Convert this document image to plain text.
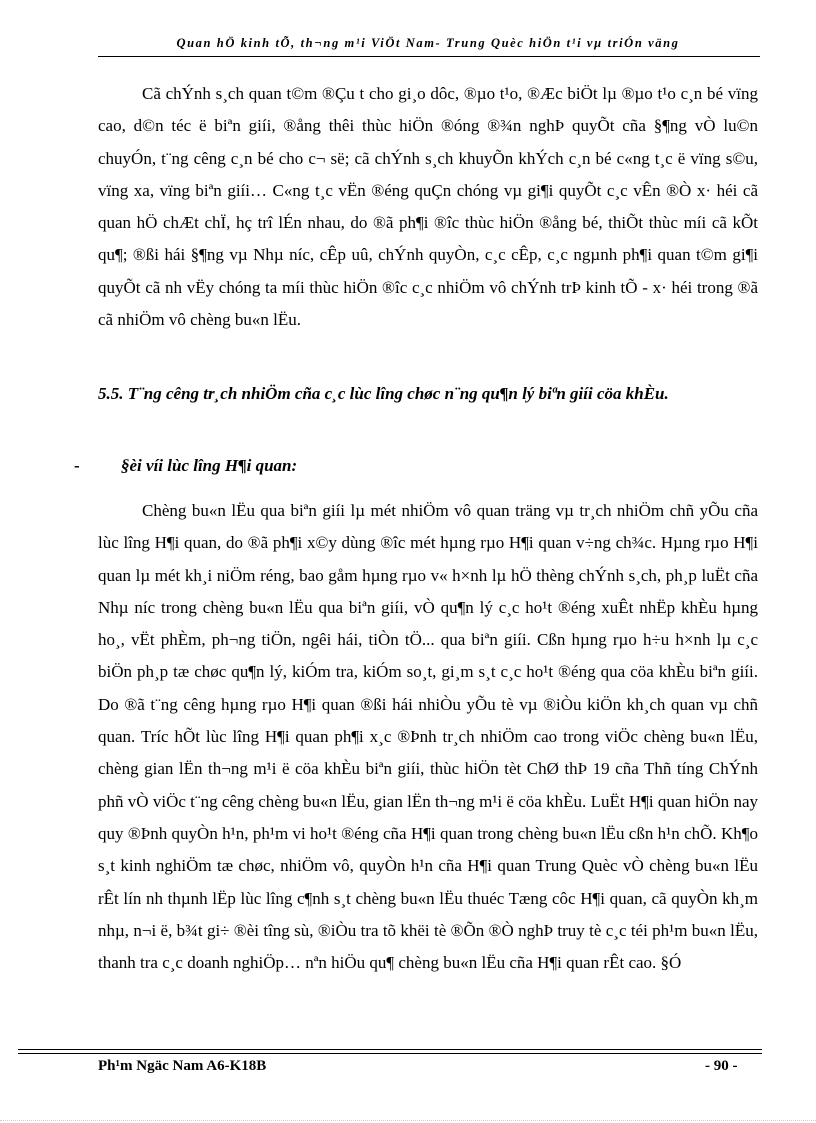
Quan hÖ kinh tÕ, th¬ng m¹i ViÖt Nam- Trung Quèc hiÖn t¹i vµ triÓn väng
Cã chÝnh s¸ch quan t©m ®Çu t cho gi¸o dôc, ®µo t¹o, ®Æc biÖt lµ ®µo t¹o c¸n bé vïng cao, d©n téc ë biªn giíi, ®ång thêi thùc hiÖn ®óng ®¾n nghÞ quyÕt cña §¶ng vÒ lu©n chuyÓn, t¨ng cêng c¸n bé cho c¬ së; cã chÝnh s¸ch khuyÕn khÝch c¸n bé c«ng t¸c ë vïng s©u, vïng xa, vïng biªn giíi… C«ng t¸c vËn ®éng quÇn chóng vµ gi¶i quyÕt c¸c vÊn ®Ò x· héi cã quan hÖ chÆt chÏ, hç trî lÉn nhau, do ®ã ph¶i ®îc thùc hiÖn ®ång bé, thiÕt thùc míi cã kÕt qu¶; ®ßi hái §¶ng vµ Nhµ níc, cÊp uû, chÝnh quyÒn, c¸c cÊp, c¸c ngµnh ph¶i quan t©m gi¶i quyÕt cã nh vËy chóng ta míi thùc hiÖn ®îc c¸c nhiÖm vô chÝnh trÞ kinh tÕ - x· héi trong ®ã cã nhiÖm vô chèng bu«n lËu.
5.5. T¨ng cêng tr¸ch nhiÖm cña c¸c lùc lîng chøc n¨ng qu¶n lý biªn giíi cöa khÈu.
- §èi víi lùc lîng H¶i quan:
Chèng bu«n lËu qua biªn giíi lµ mét nhiÖm vô quan träng vµ tr¸ch nhiÖm chñ yÕu cña lùc lîng H¶i quan, do ®ã ph¶i x©y dùng ®îc mét hµng rµo H¶i quan v÷ng ch¾c. Hµng rµo H¶i quan lµ mét kh¸i niÖm réng, bao gåm hµng rµo v« h×nh lµ hÖ thèng chÝnh s¸ch, ph¸p luËt cña Nhµ níc trong chèng bu«n lËu qua biªn giíi, vÒ qu¶n lý c¸c ho¹t ®éng xuÊt nhËp khÈu hµng ho¸, vËt phÈm, ph¬ng tiÖn, ngêi hái, tiÒn tÖ... qua biªn giíi. Cßn hµng rµo h÷u h×nh lµ c¸c biÖn ph¸p tæ chøc qu¶n lý, kiÓm tra, kiÓm so¸t, gi¸m s¸t c¸c ho¹t ®éng qua cöa khÈu biªn giíi. Do ®ã t¨ng cêng hµng rµo H¶i quan ®ßi hái nhiÒu yÕu tè vµ ®iÒu kiÖn kh¸ch quan vµ chñ quan. Tríc hÕt lùc lîng H¶i quan ph¶i x¸c ®Þnh tr¸ch nhiÖm cao trong viÖc chèng bu«n lËu, chèng gian lËn th¬ng m¹i ë cöa khÈu biªn giíi, thùc hiÖn tèt ChØ thÞ 19 cña Thñ tíng ChÝnh phñ vÒ viÖc t¨ng cêng chèng bu«n lËu, gian lËn th¬ng m¹i ë cöa khÈu. LuËt H¶i quan hiÖn nay quy ®Þnh quyÒn h¹n, ph¹m vi ho¹t ®éng cña H¶i quan trong chèng bu«n lËu cßn h¹n chÕ. Kh¶o s¸t kinh nghiÖm tæ chøc, nhiÖm vô, quyÒn h¹n cña H¶i quan Trung Quèc vÒ chèng bu«n lËu rÊt lín nh thµnh lËp lùc lîng c¶nh s¸t chèng bu«n lËu thuéc Tæng côc H¶i quan, cã quyÒn kh¸m nhµ, n¬i ë, b¾t gi÷ ®èi tîng sù, ®iÒu tra tõ khëi tè ®Õn ®Ò nghÞ truy tè c¸c téi ph¹m bu«n lËu, thanh tra c¸c doanh nghiÖp… nªn hiÖu qu¶ chèng bu«n lËu cña H¶i quan rÊt cao. §Ó
Ph¹m Ngäc Nam A6-K18B	- 90 -
